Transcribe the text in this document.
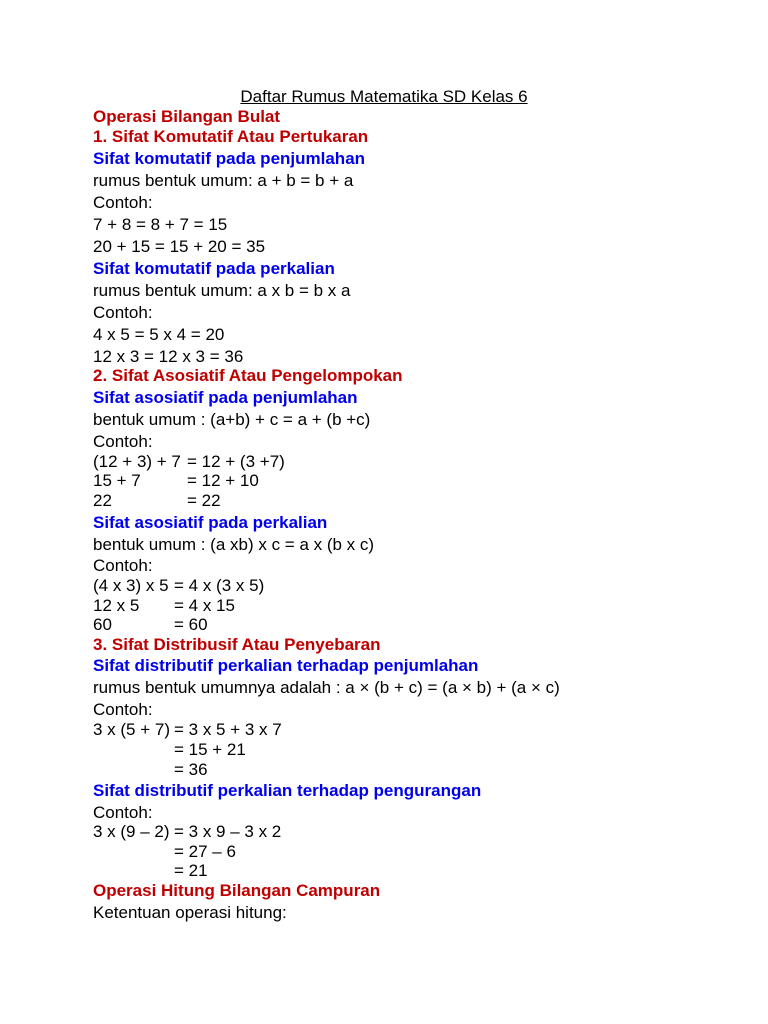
Daftar Rumus Matematika SD Kelas 6
Operasi Bilangan Bulat
1. Sifat Komutatif Atau Pertukaran
Sifat komutatif pada penjumlahan
rumus bentuk umum: a + b = b + a
Contoh:
7 + 8 = 8 + 7 = 15
20 + 15 = 15 + 20 = 35
Sifat komutatif pada perkalian
rumus bentuk umum: a x b = b x a
Contoh:
4 x 5 = 5 x 4 = 20
12 x 3 = 12 x 3 = 36
2. Sifat Asosiatif Atau Pengelompokan
Sifat asosiatif pada penjumlahan
bentuk umum : (a+b) + c = a + (b +c)
Contoh:
(12 + 3) + 7 = 12 + (3 +7)
15 + 7	= 12 + 10
22	= 22
Sifat asosiatif pada perkalian
bentuk umum : (a xb) x c = a x (b x c)
Contoh:
(4 x 3) x 5 = 4 x (3 x 5)
12 x 5 = 4 x 15
60	= 60
3. Sifat Distribusif Atau Penyebaran
Sifat distributif perkalian terhadap penjumlahan
rumus bentuk umumnya adalah : a × (b + c) = (a × b) + (a × c)
Contoh:
3 x (5 + 7) = 3 x 5 + 3 x 7
= 15 + 21
= 36
Sifat distributif perkalian terhadap pengurangan
Contoh:
3 x (9 – 2) = 3 x 9 – 3 x 2
= 27 – 6
= 21
Operasi Hitung Bilangan Campuran
Ketentuan operasi hitung:
